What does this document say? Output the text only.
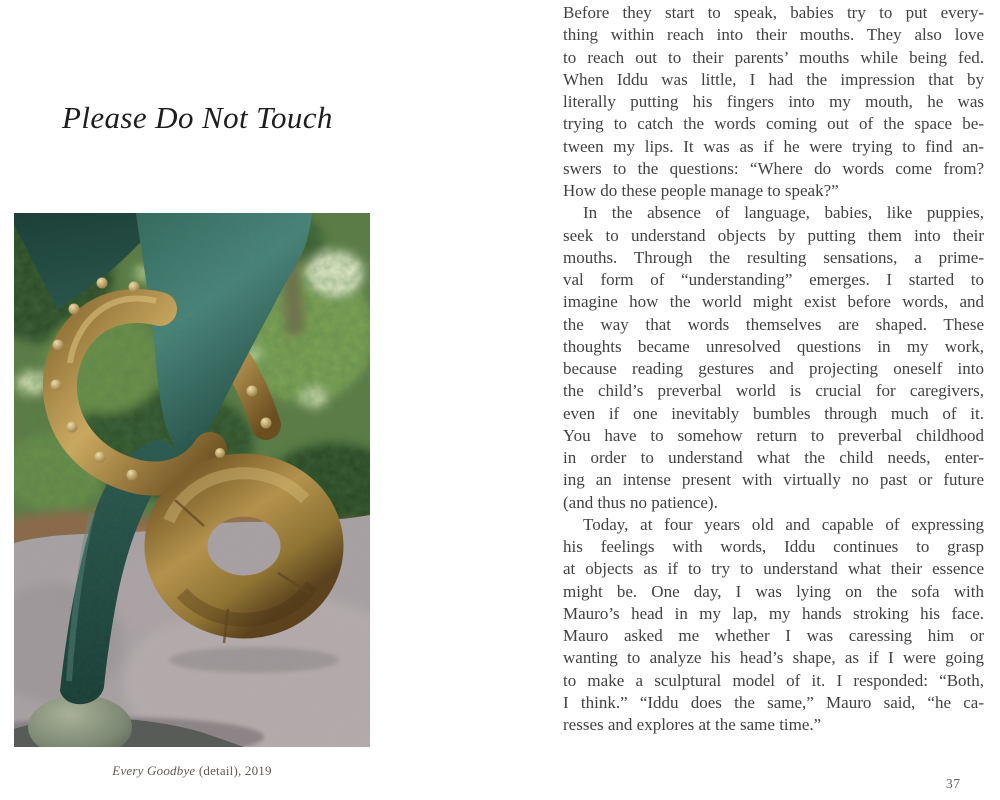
Please Do Not Touch
Every Goodbye (detail), 2019
Before they start to speak, babies try to put every-
thing within reach into their mouths. They also love
to reach out to their parents’ mouths while being fed.
When Iddu was little, I had the impression that by
literally putting his fingers into my mouth, he was
trying to catch the words coming out of the space be-
tween my lips. It was as if he were trying to find an-
swers to the questions: “Where do words come from?
How do these people manage to speak?”
In the absence of language, babies, like puppies,
seek to understand objects by putting them into their
mouths. Through the resulting sensations, a prime-
val form of “understanding” emerges. I started to
imagine how the world might exist before words, and
the way that words themselves are shaped. These
thoughts became unresolved questions in my work,
because reading gestures and projecting oneself into
the child’s preverbal world is crucial for caregivers,
even if one inevitably bumbles through much of it.
You have to somehow return to preverbal childhood
in order to understand what the child needs, enter-
ing an intense present with virtually no past or future
(and thus no patience).
Today, at four years old and capable of expressing
his feelings with words, Iddu continues to grasp
at objects as if to try to understand what their essence
might be. One day, I was lying on the sofa with
Mauro’s head in my lap, my hands stroking his face.
Mauro asked me whether I was caressing him or
wanting to analyze his head’s shape, as if I were going
to make a sculptural model of it. I responded: “Both,
I think.” “Iddu does the same,” Mauro said, “he ca-
resses and explores at the same time.”
37
